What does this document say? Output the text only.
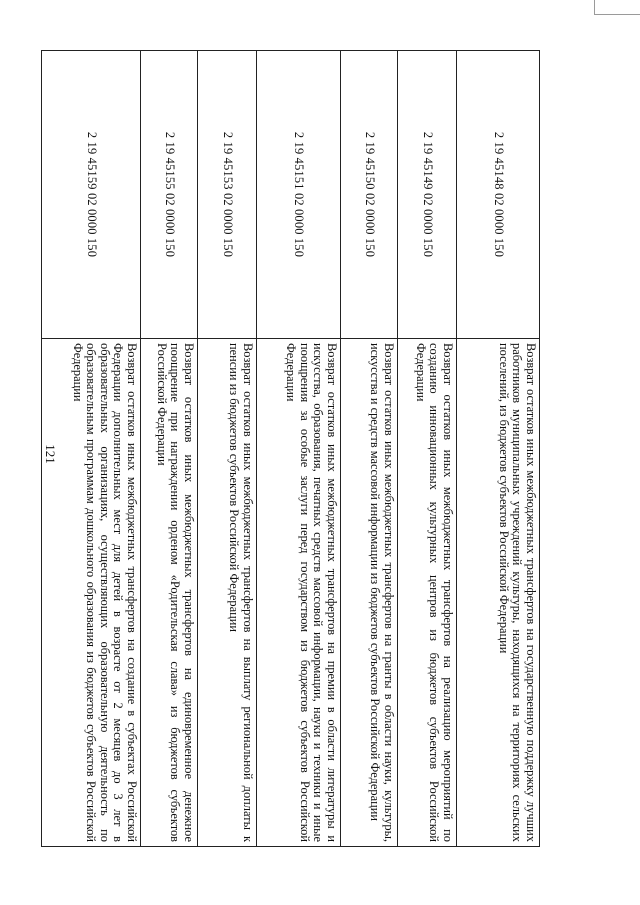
121
2 19 45148 02 0000 150	Возврат остатков иных межбюджетных трансфертов на государственную поддержку лучших работников муниципальных учреждений культуры, находящихся на территориях сельских поселений, из бюджетов субъектов Российской Федерации
2 19 45149 02 0000 150	Возврат остатков иных межбюджетных трансфертов на реализацию мероприятий по созданию инновационных культурных центров из бюджетов субъектов Российской Федерации
2 19 45150 02 0000 150	Возврат остатков иных межбюджетных трансфертов на гранты в области науки, культуры, искусства и средств массовой информации из бюджетов субъектов Российской Федерации
2 19 45151 02 0000 150	Возврат остатков иных межбюджетных трансфертов на премии в области литературы и искусства, образования, печатных средств массовой информации, науки и техники и иные поощрения за особые заслуги перед государством из бюджетов субъектов Российской Федерации
2 19 45153 02 0000 150	Возврат остатков иных межбюджетных трансфертов на выплату региональной доплаты к пенсии из бюджетов субъектов Российской Федерации
2 19 45155 02 0000 150	Возврат остатков иных межбюджетных трансфертов на единовременное денежное поощрение при награждении орденом «Родительская слава» из бюджетов субъектов Российской Федерации
2 19 45159 02 0000 150	Возврат остатков иных межбюджетных трансфертов на создание в субъектах Российской Федерации дополнительных мест для детей в возрасте от 2 месяцев до 3 лет в образовательных организациях, осуществляющих образовательную деятельность по образовательным программам дошкольного образования из бюджетов субъектов Российской Федерации
